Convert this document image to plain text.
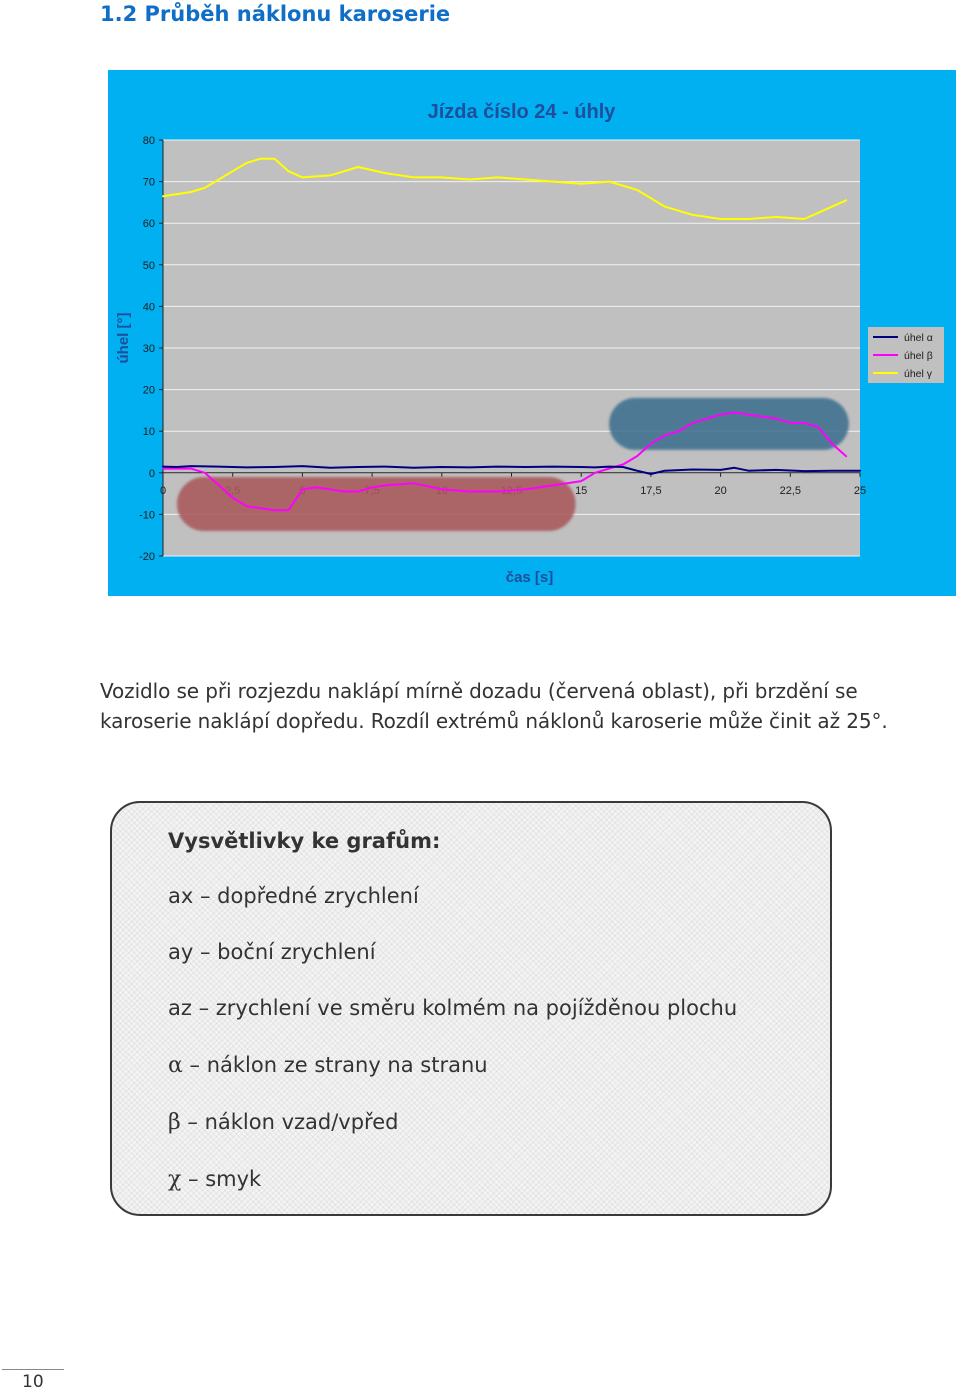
1.2 Průběh náklonu karoserie
80
70
60
50
40
30
20
10
0
-10
-20
0	15	17,5	20	22,5	25
Jízda číslo 24 - úhly
čas [s]
úhel [°]	úhel α
úhel β
úhel γ
Vozidlo se při rozjezdu naklápí mírně dozadu (červená oblast), při brzdění se
karoserie naklápí dopředu. Rozdíl extrémů náklonů karoserie může činit až 25°.
Vysvětlivky ke grafům:
ax – dopředné zrychlení
ay – boční zrychlení
az – zrychlení ve směru kolmém na pojížděnou plochu
α – náklon ze strany na stranu
β – náklon vzad/vpřed
χ – smyk
10
